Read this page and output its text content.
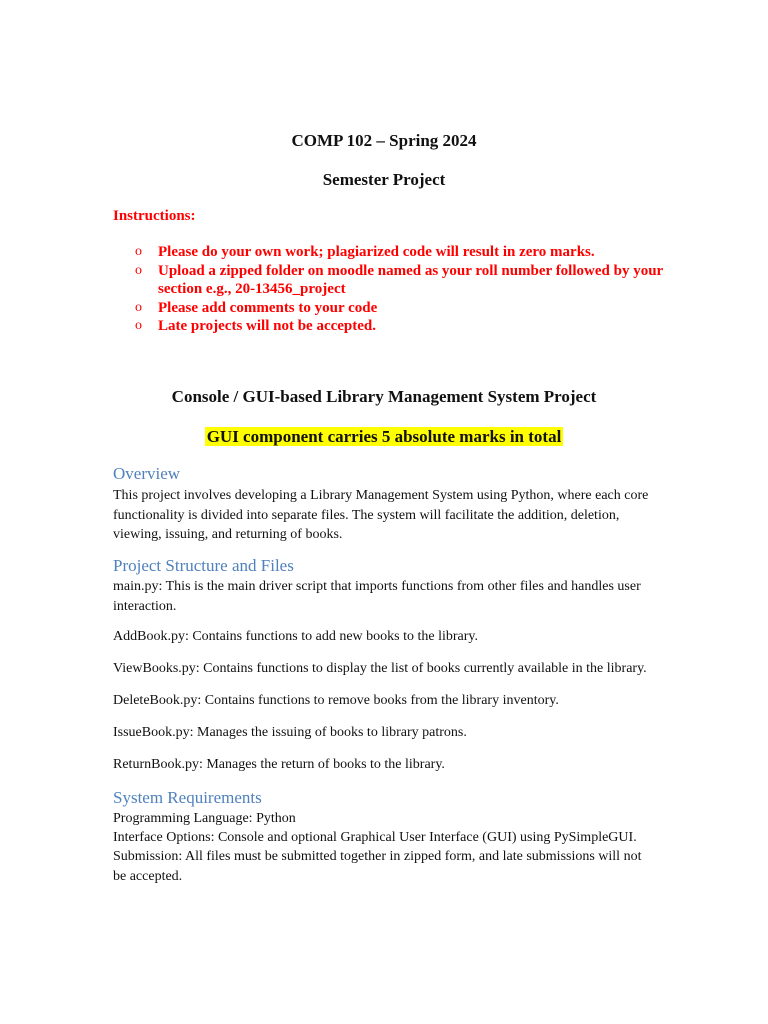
COMP 102 – Spring 2024
Semester Project
Instructions:
o Please do your own work; plagiarized code will result in zero marks.
o Upload a zipped folder on moodle named as your roll number followed by your section e.g., 20-13456_project
o Please add comments to your code
o Late projects will not be accepted.
Console / GUI-based Library Management System Project
GUI component carries 5 absolute marks in total
Overview
This project involves developing a Library Management System using Python, where each core functionality is divided into separate files. The system will facilitate the addition, deletion, viewing, issuing, and returning of books.
Project Structure and Files
main.py: This is the main driver script that imports functions from other files and handles user interaction.
AddBook.py: Contains functions to add new books to the library.
ViewBooks.py: Contains functions to display the list of books currently available in the library.
DeleteBook.py: Contains functions to remove books from the library inventory.
IssueBook.py: Manages the issuing of books to library patrons.
ReturnBook.py: Manages the return of books to the library.
System Requirements
Programming Language: Python
Interface Options: Console and optional Graphical User Interface (GUI) using PySimpleGUI.
Submission: All files must be submitted together in zipped form, and late submissions will not be accepted.
